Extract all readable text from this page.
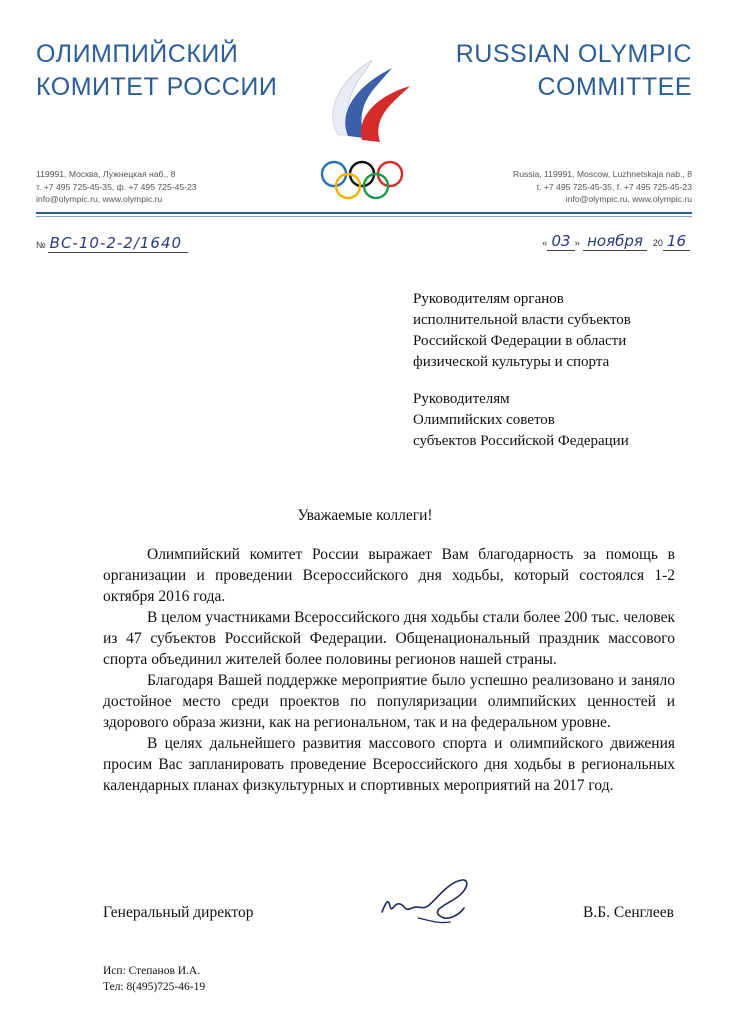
ОЛИМПИЙСКИЙ
КОМИТЕТ РОССИИ
RUSSIAN OLYMPIC
COMMITTEE
119991, Москва, Лужнецкая наб., 8
т. +7 495 725-45-35, ф. +7 495 725-45-23
info@olympic.ru, www.olympic.ru
Russia, 119991, Moscow, Luzhnetskaja nab., 8
t. +7 495 725-45-35, f. +7 495 725-45-23
info@olympic.ru, www.olympic.ru
№ ВС-10-2-2/1640	« 03 » ноября 20 16
Руководителям органов
исполнительной власти субъектов
Российской Федерации в области
физической культуры и спорта
Руководителям
Олимпийских советов
субъектов Российской Федерации
Уважаемые коллеги!

Олимпийский комитет России выражает Вам благодарность за помощь в организации и проведении Всероссийского дня ходьбы, который состоялся 1-2 октября 2016 года.

В целом участниками Всероссийского дня ходьбы стали более 200 тыс. человек из 47 субъектов Российской Федерации. Общенациональный праздник массового спорта объединил жителей более половины регионов нашей страны.

Благодаря Вашей поддержке мероприятие было успешно реализовано и заняло достойное место среди проектов по популяризации олимпийских ценностей и здорового образа жизни, как на региональном, так и на федеральном уровне.

В целях дальнейшего развития массового спорта и олимпийского движения просим Вас запланировать проведение Всероссийского дня ходьбы в региональных календарных планах физкультурных и спортивных мероприятий на 2017 год.

Генеральный директор	В.Б. Сенглеев
Исп: Степанов И.А.
Тел: 8(495)725-46-19
